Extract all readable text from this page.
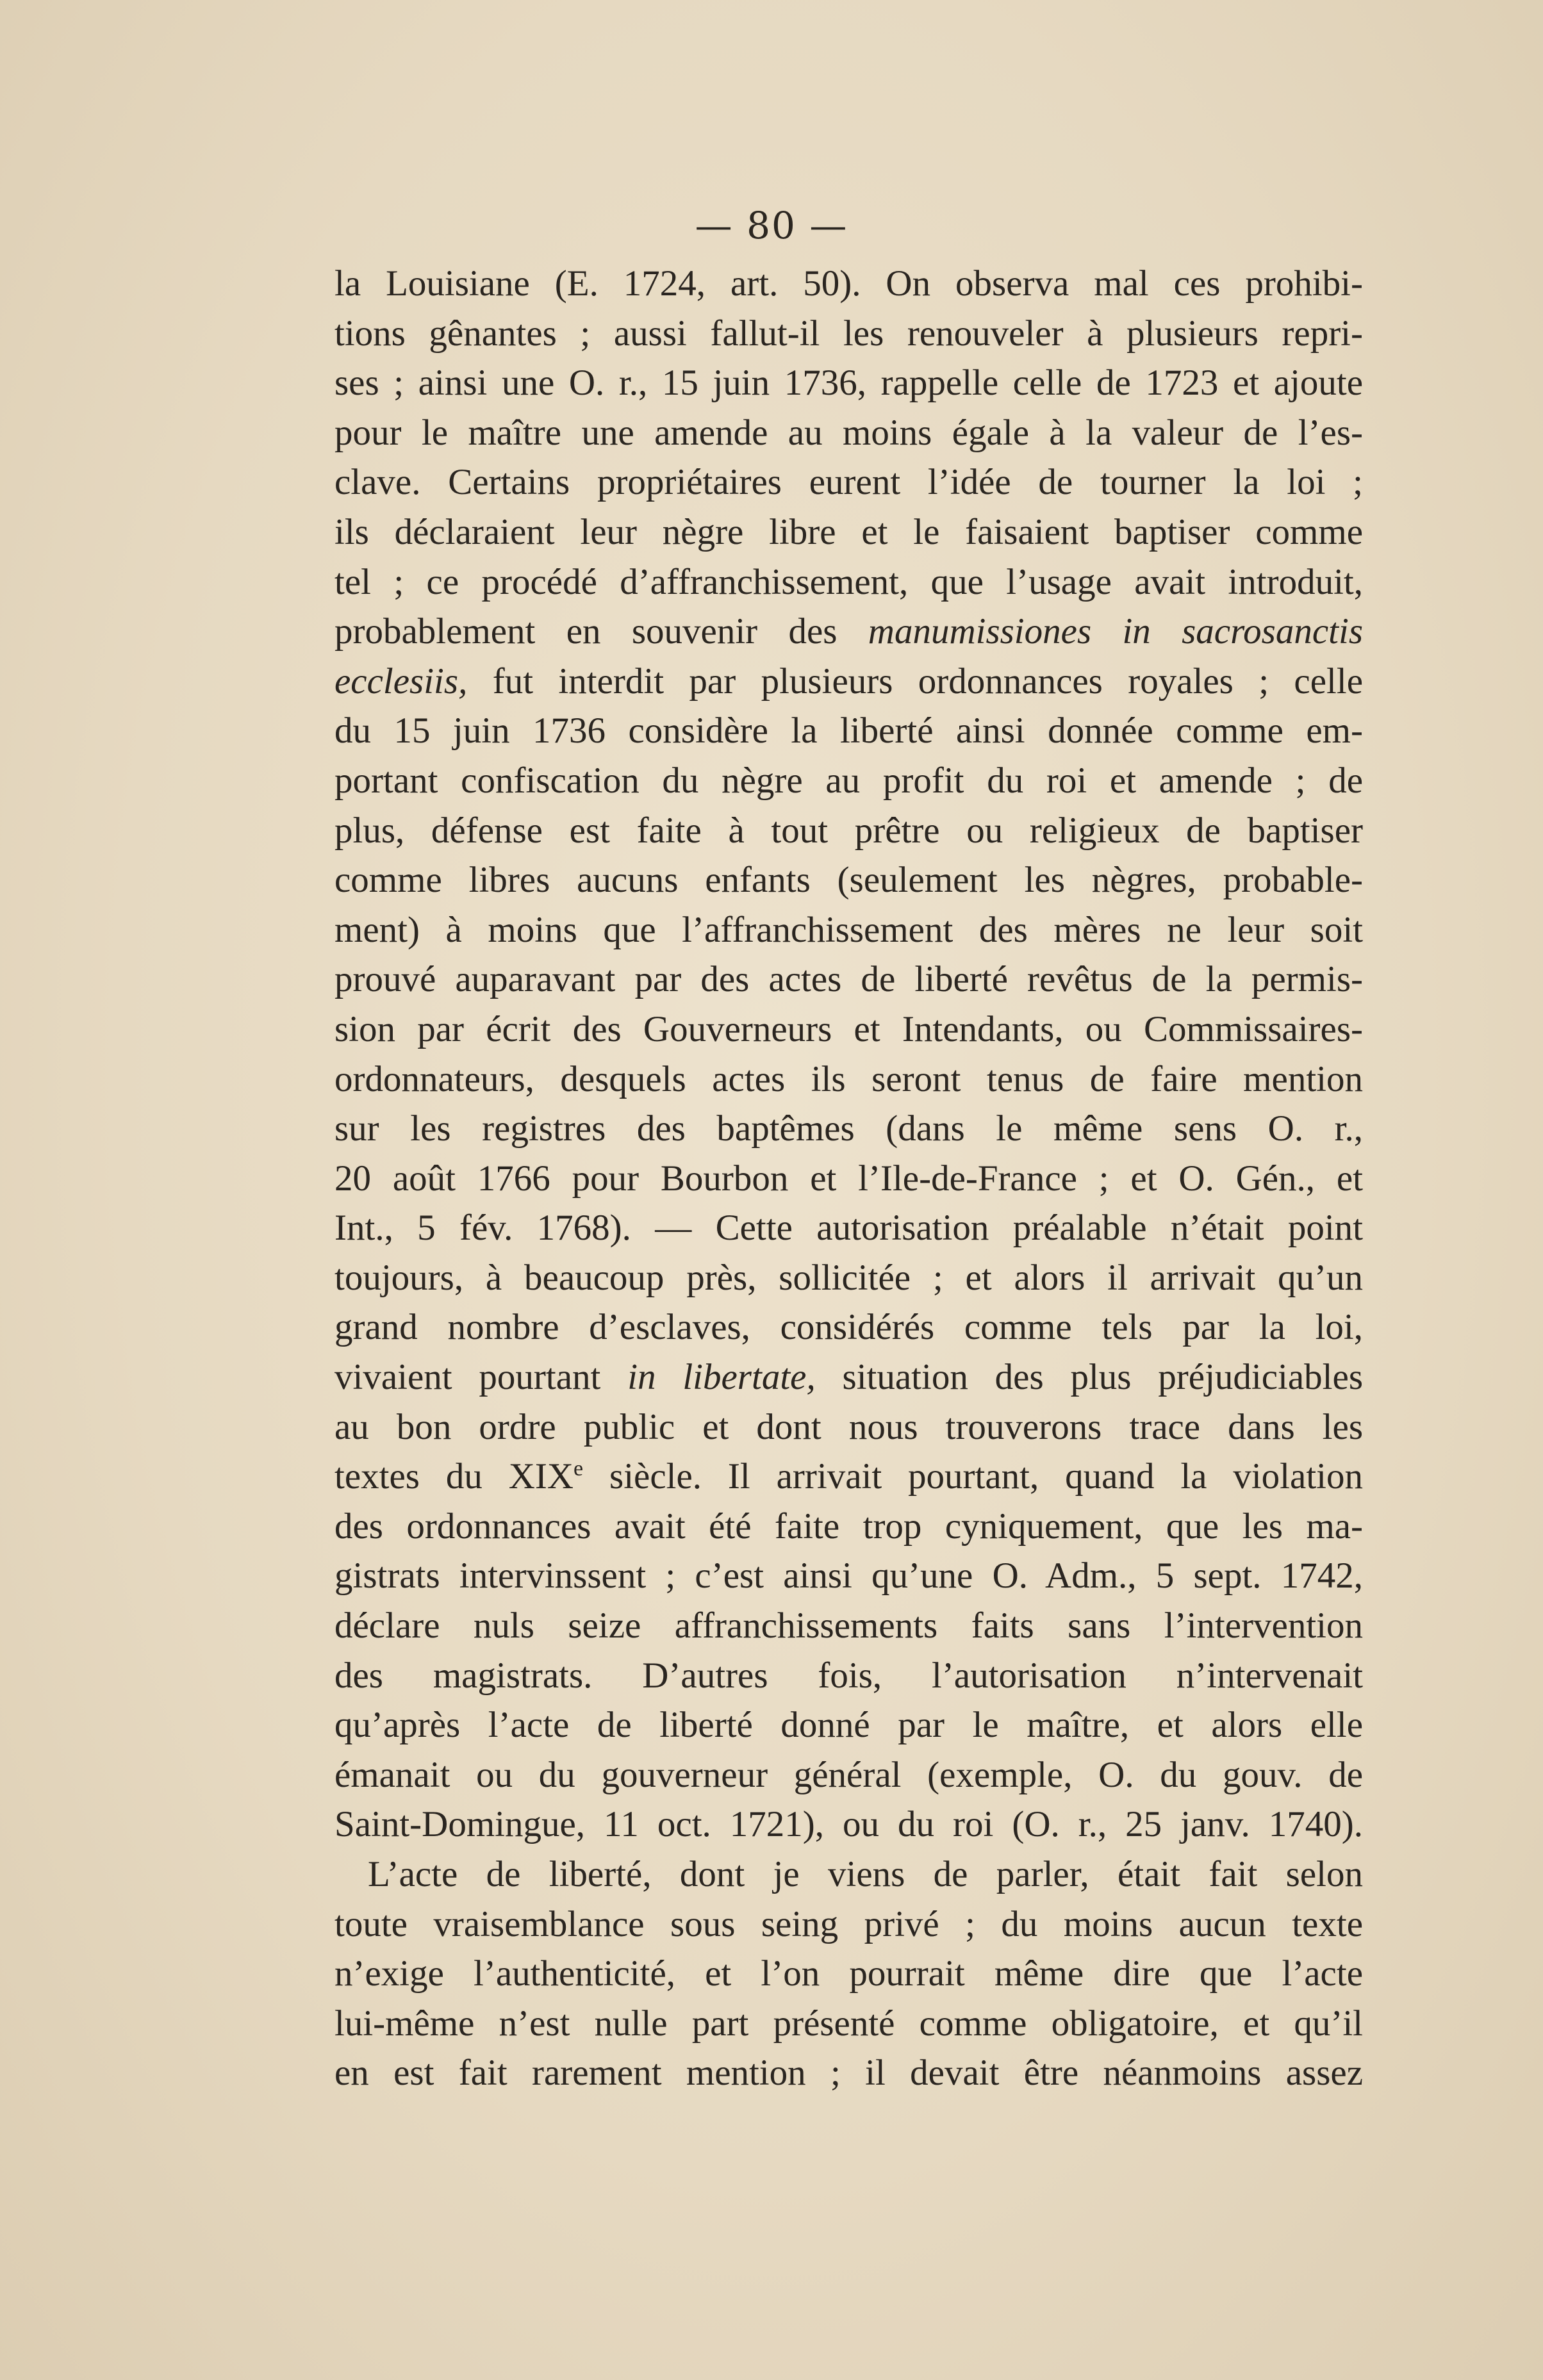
— 80 —
la Louisiane (E. 1724, art. 50). On observa mal ces prohibi-
tions gênantes ; aussi fallut-il les renouveler à plusieurs repri-
ses ; ainsi une O. r., 15 juin 1736, rappelle celle de 1723 et ajoute
pour le maître une amende au moins égale à la valeur de l’es-
clave. Certains propriétaires eurent l’idée de tourner la loi ;
ils déclaraient leur nègre libre et le faisaient baptiser comme
tel ; ce procédé d’affranchissement, que l’usage avait introduit,
probablement en souvenir des manumissiones in sacrosanctis
ecclesiis, fut interdit par plusieurs ordonnances royales ; celle
du 15 juin 1736 considère la liberté ainsi donnée comme em-
portant confiscation du nègre au profit du roi et amende ; de
plus, défense est faite à tout prêtre ou religieux de baptiser
comme libres aucuns enfants (seulement les nègres, probable-
ment) à moins que l’affranchissement des mères ne leur soit
prouvé auparavant par des actes de liberté revêtus de la permis-
sion par écrit des Gouverneurs et Intendants, ou Commissaires-
ordonnateurs, desquels actes ils seront tenus de faire mention
sur les registres des baptêmes (dans le même sens O. r.,
20 août 1766 pour Bourbon et l’Ile-de-France ; et O. Gén., et
Int., 5 fév. 1768). — Cette autorisation préalable n’était point
toujours, à beaucoup près, sollicitée ; et alors il arrivait qu’un
grand nombre d’esclaves, considérés comme tels par la loi,
vivaient pourtant in libertate, situation des plus préjudiciables
au bon ordre public et dont nous trouverons trace dans les
textes du XIXe siècle. Il arrivait pourtant, quand la violation
des ordonnances avait été faite trop cyniquement, que les ma-
gistrats intervinssent ; c’est ainsi qu’une O. Adm., 5 sept. 1742,
déclare nuls seize affranchissements faits sans l’intervention
des magistrats. D’autres fois, l’autorisation n’intervenait
qu’après l’acte de liberté donné par le maître, et alors elle
émanait ou du gouverneur général (exemple, O. du gouv. de
Saint-Domingue, 11 oct. 1721), ou du roi (O. r., 25 janv. 1740).
L’acte de liberté, dont je viens de parler, était fait selon
toute vraisemblance sous seing privé ; du moins aucun texte
n’exige l’authenticité, et l’on pourrait même dire que l’acte
lui-même n’est nulle part présenté comme obligatoire, et qu’il
en est fait rarement mention ; il devait être néanmoins assez
